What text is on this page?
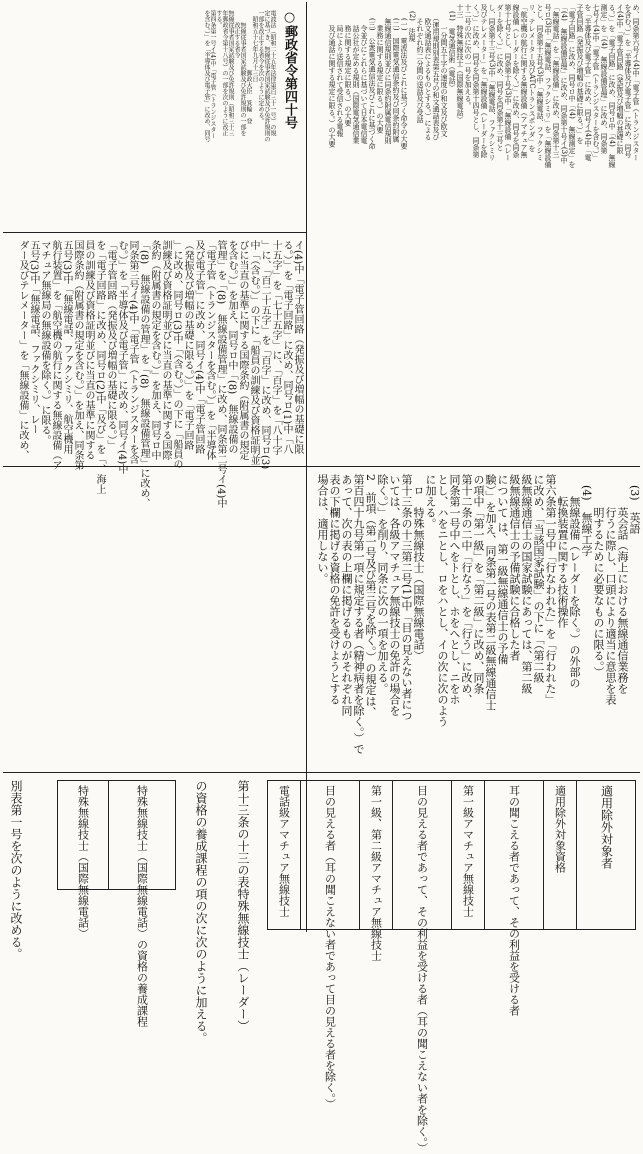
○郵政省令第四十号
電波法（昭和二十五年法律第百三十一号）の規
定に基づき、無線従事者国家試験及び免許規則の
一部を改正する省令を次のように定める。
　昭和五十七年九月十三日
　　　　　　　　　　郵政大臣　箕輪　登
　　無線従事者国家試験及び免許規則の一部を
　　改正する省令
無線従事者国家試験及び免許規則（昭和三十三
年郵政省令第十八号）の一部を次のように改正
する。
第四条第一号イ(4)中「電子管（トランジスター
を含む。）」を「半導体及び電子管」に改め、同号
イ(4)中「電子管回路（発振及び増幅の基礎に限
る。）」を「電子回路」に改め、同号ロ(1)中「八
十五字」を「七十五字」に、「百字」を「八十字
」に、「百二十五字」を「百字」に改め、同号ロ(3)
中「（含む。）」の下に「船員の訓練及び資格証明並
びに当直の基準に関する国際条約（附属書の規定
を含む。）」を加え、同号ロ中「(8)　無線設備の
管理」を「(8)　無線設備管理」に改め、同条第二号イ(4)中
「電子管（トランジスターを含む。）」を「半導体
及び電子管」に改め、同号イ(4)中「電子管回路
（発振及び増幅の基礎に限る。）」を「電子回路
」に改め、同号ロ(3)中「（含む。）」の下に「船員の
訓練及び資格証明並びに当直の基準に関する国際
条約（附属書の規定を含む。）」を加え、同号ロ中
「(8)　無線設備の管理」を「(8)　無線設備管理」に改め、
同条第三号イ(4)中「電子管（トランジスターを含
む。）」を「半導体及び電子管」に改め、同号イ(4)中
「電子管回路（発振及び増幅の基礎に限る。）」
を「電子回路」に改め、同号ロ(2)中「及び」を「、海上
員の訓練及び資格証明並びに当直の基準に関する
国際条約（附属書の規定を含む。）」を加え、同条第
五号(3)中「無線電話、ファクシミリ、航空機用
航行装置」を「航空機の航行に関する無線設備（ア
マチュア無線局の無線設備を除く。）に限る。
五号(3)中「無線電話、ファクシミリ、レー
ダー及びテレメーター」を「無線設備」に改め、
め、同条第六号イ(4)中「電子管（トランジスター
を含む。）」を「半導体及び電子管」に改め、同号
イ(4)中「電子管回路（発振及び増幅の基礎に限
る。）」を「電子回路」に改め、同号ロ中「(4)　無線
測定」を「(4)　無線設備管理」に改め、同条第
七号イ(4)中「電子管（トランジスターを含む。）」
を「半導体及び電子管」に改め、同号イ(4)中「電
子管回路（発振及び増幅の基礎に限る。）」を
「電子回路」に改め、同号ロ中「(4)　無線測定」を
「(4)　無線設備管理」に改め、同条第十号イ(3)中
「無線電話」を「無線設備」に改め、同条第十三
号ロ(3)中「無線電話、ファクシミリ」を「無線設備
とし、同条第十五号(3)中「無線電話、ファクシミ
リ、テレメーター及びATCトランスポンダ」を
「航空機の航行に関する無線設備（アマチュア無
線設備（レーダーを除く。）」に改め、同号を同条
第十七号とし、同条第十号(3)中「無線設備（レー
ダーを除く。）」に改め、同号を同条第十三号と
し、同条第十三号(3)中「無線電話、ファクシミリ
及びテレメーター」を「無線設備（レーダーを除
く。）」に改め、同号を同条第十四号とし、同条第
十二号の次に次の一号を加える。
十三　特殊無線技士（国際無線電話）
　(1)　電気通信術（電話）
　　　一分間五十字の速度の和文及び欧文
　　（運用規則別表第五号の和文通話表及び
　　欧文通話表によるものとする。）による
　　それぞれ約二分間の送話及び受話
　(2)　法規
　　(一)　電波法及びこれに基づく命令の大要
　　(二)　国際電気通信条約及び同条約附属
　　無線通信規則並びに同条約附属電信規則
　　　業務に関する規定に限る。）の大要
　　(三)　公衆電気通信法及びこれに基づく命
　　　令並びにこれらに基づいて日本電信電
　　　話公社が定める規則（国際電気通信業
　　　務に関する規定に限る。）の大要
　　　局により送信されて受信される電報
　　　及び通話に関する規定に限る。）の大要
　(3)　英語
　　　英会話（海上における無線通信業務を
　　　行うに際し、口頭により適当に意思を表
　　　明するために必要なものに限る。）
　(4)　無線工学
　　無線設備（レーダーを除く。）の外部の
　　転換装置に関する技術操作
第六条第一号中「行なわれた」を「行われた」
に改め、「当該国家試験」の下に「（第二級
級無線通信士の国家試験にあっては、第二級
級無線通信士の予備試験に合格した者
について は、第一級無線通信士の予備
験）」を加え、同条第一号の表第二級無線通信士
の項中「第一級」を「第二級」に改め、同条
第十二条の二中「行なう」を「行う」に改め、
同条第一号中へをトとし、ホをへとし、ニをホ
とし、ハをニとし、ロをハとし、イの次に次のよう
に加える。
　ロ　特殊無線技士（国際無線電話）
第十三条の十三第二号(1)中「目の見えない者につ
いては、各級アマチュア無線技士の免許の場合を
除く。）」を削り、同条に次の一項を加える。
2　前項（第一号及び第三号を除く。）の規定は、
第百四十九号第一項に規定する者（精神病者を除く。）で
あって、次の表の上欄に掲げるものがそれぞれ同
表の下欄に掲げる資格の免許を受けようとする
場合は、適用しない。
適用除外対象者
適用除外対象資格
耳の聞こえる者であって、その利益を受ける者
第一級アマチュア無線技士
目の見える者であって、その利益を受ける者（耳の聞こえない者を除く。）
第一級、第二級アマチュア無線技士
目の見える者（耳の聞こえない者であって目の見える者を除く。）
電話級アマチュア無線技士
第十三条の十三の表特殊無線技士（レーダー）
の資格の養成課程の項の次に次のように加える。
特殊無線技士（国際無線電話）の資格の養成課程
特殊無線技士（国際無線電話）
別表第一号を次のように改める。
